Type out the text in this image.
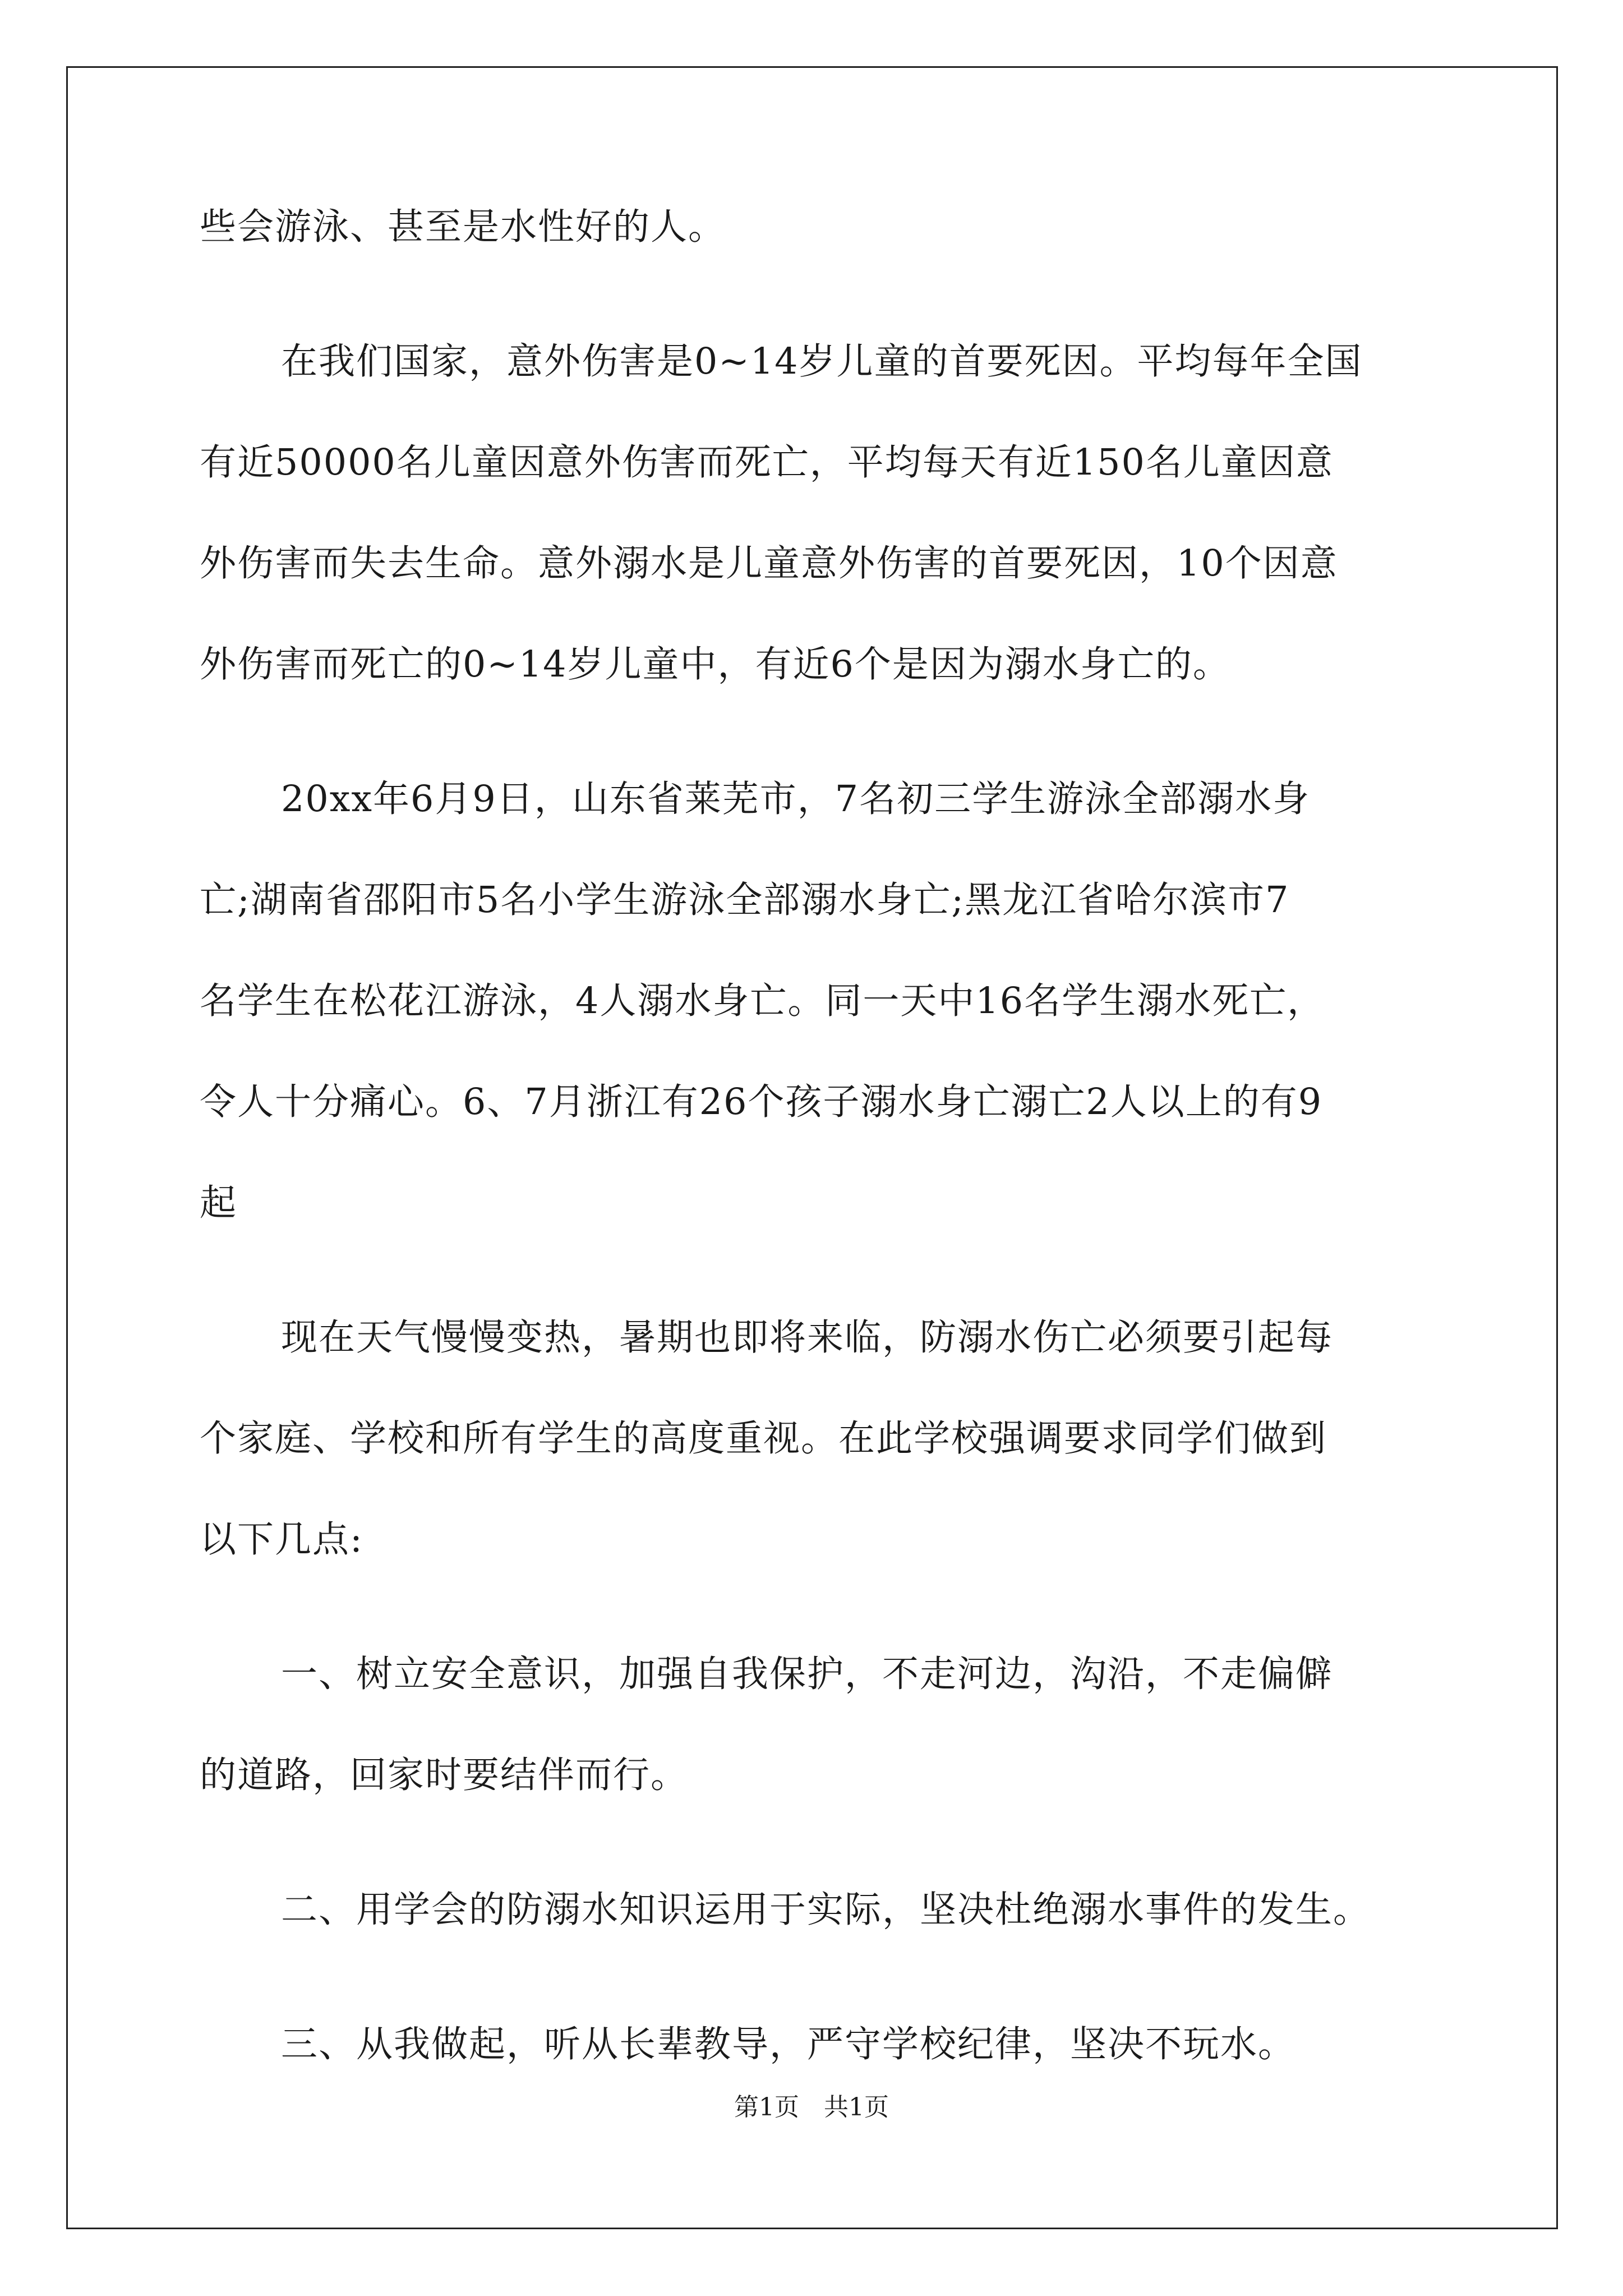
些会游泳、甚至是水性好的人。
在我们国家，意外伤害是0~14岁儿童的首要死因。平均每年全国
有近50000名儿童因意外伤害而死亡，平均每天有近150名儿童因意
外伤害而失去生命。意外溺水是儿童意外伤害的首要死因，10个因意
外伤害而死亡的0~14岁儿童中，有近6个是因为溺水身亡的。
20xx年6月9日，山东省莱芜市，7名初三学生游泳全部溺水身
亡;湖南省邵阳市5名小学生游泳全部溺水身亡;黑龙江省哈尔滨市7
名学生在松花江游泳，4人溺水身亡。同一天中16名学生溺水死亡，
令人十分痛心。6、7月浙江有26个孩子溺水身亡溺亡2人以上的有9
起
现在天气慢慢变热，暑期也即将来临，防溺水伤亡必须要引起每
个家庭、学校和所有学生的高度重视。在此学校强调要求同学们做到
以下几点:
一、树立安全意识，加强自我保护，不走河边，沟沿，不走偏僻
的道路，回家时要结伴而行。
二、用学会的防溺水知识运用于实际，坚决杜绝溺水事件的发生。
三、从我做起，听从长辈教导，严守学校纪律，坚决不玩水。
第1页　共1页
